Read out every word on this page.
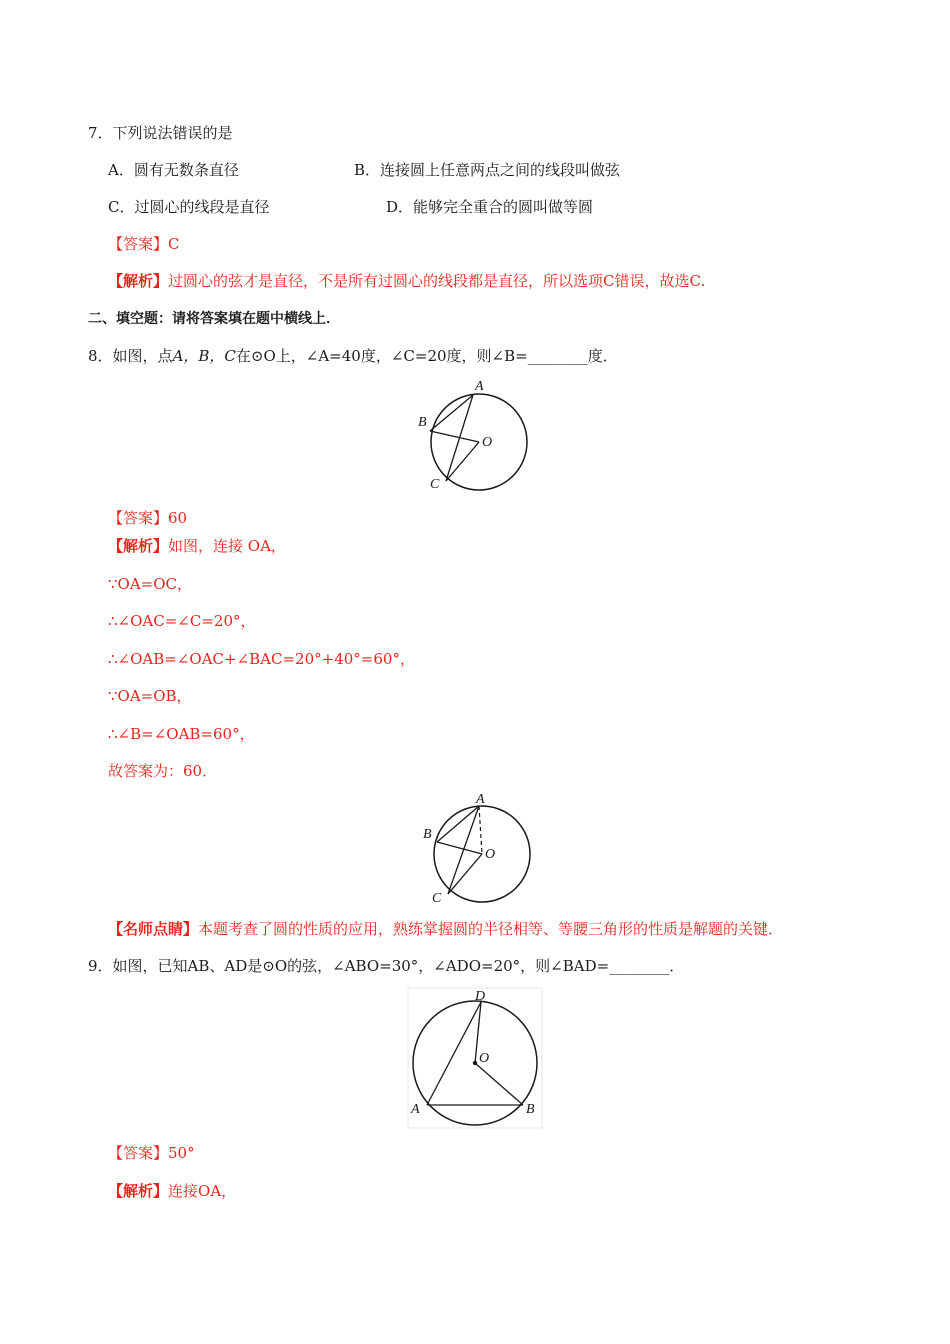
7．下列说法错误的是
A．圆有无数条直径	B．连接圆上任意两点之间的线段叫做弦
C．过圆心的线段是直径	D．能够完全重合的圆叫做等圆
【答案】C
【解析】过圆心的弦才是直径，不是所有过圆心的线段都是直径，所以选项C错误，故选C.
二、填空题：请将答案填在题中横线上．
8．如图，点A，B，C在⊙O上，∠A=40度，∠C=20度，则∠B=________度．
A
B
C
O
【答案】60
【解析】如图，连接 OA，
∵OA=OC，
∴∠OAC=∠C=20°，
∴∠OAB=∠OAC+∠BAC=20°+40°=60°，
∵OA=OB，
∴∠B=∠OAB=60°，
故答案为：60．
A
B
C
O
【名师点睛】本题考查了圆的性质的应用，熟练掌握圆的半径相等、等腰三角形的性质是解题的关键．
9．如图，已知AB、AD是⊙O的弦，∠ABO=30°，∠ADO=20°，则∠BAD=________．
D
O
A	B
【答案】50°
【解析】连接OA，
